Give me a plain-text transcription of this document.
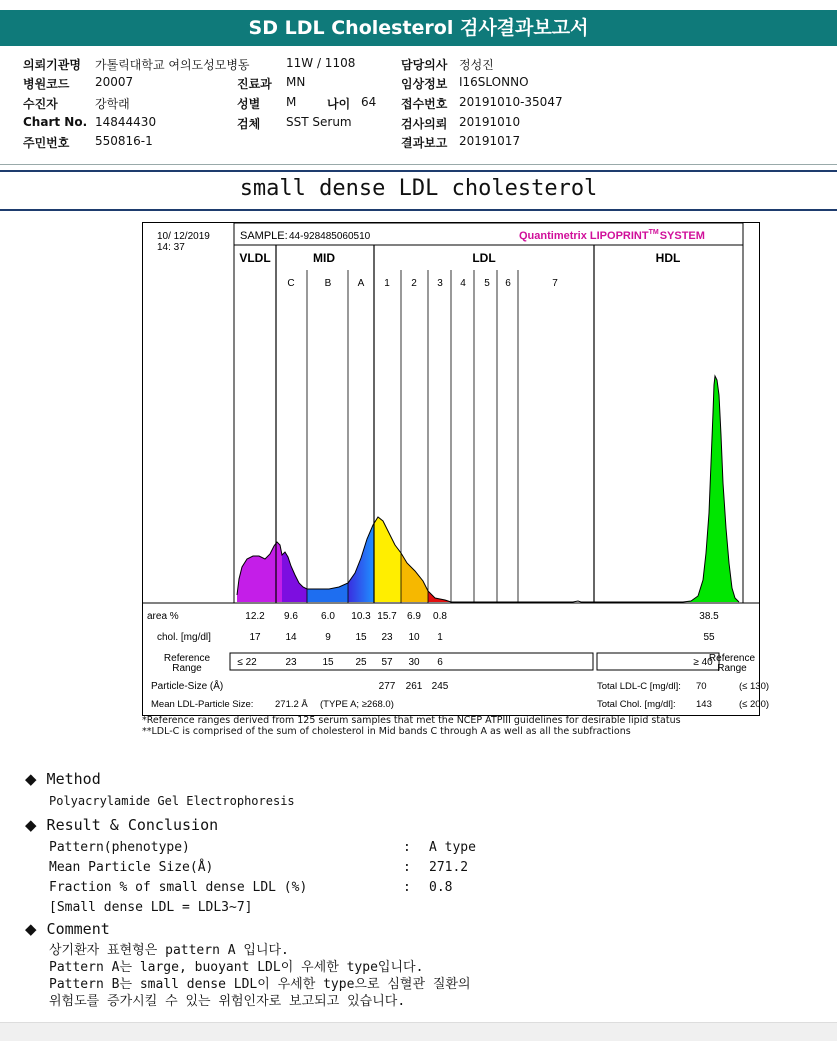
SD LDL Cholesterol 검사결과보고서
의뢰기관명 가톨릭대학교 여의도성모병동	11W / 1108	담당의사 정성진
병원코드 20007	진료과 MN	임상정보 I16SLONNO
수진자	강학래	성별 M	나이 64 접수번호 20191010-35047
Chart No. 14844430	검체 SST Serum	검사의뢰 20191010
주민번호 550816-1	결과보고 20191017
small dense LDL cholesterol
10/ 12/2019
14: 37
SAMPLE: 44-928485060510	Quantimetrix LIPOPRINT™SYSTEM
VLDL	MID	LDL	HDL
C	B	A 1 2 3 4 5 6	7
area %	12.2 9.6 6.0 10.3 15.7 6.9 0.8	38.5
chol. [mg/dl]	17 14	9 15 23 10 1	55
Reference
Range
≤ 22	23	15 25 57 30 6	≥ 40
Reference
Range
Particle-Size (Å)	277 261 245	Total LDL-C [mg/dl]: 70	(≤ 130)
Mean LDL-Particle Size: 271.2 Å (TYPE A; ≥268.0)	Total Chol. [mg/dl]: 143	(≤ 200)
*Reference ranges derived from 125 serum samples that met the NCEP ATPIII guidelines for desirable lipid status
**LDL-C is comprised of the sum of cholesterol in Mid bands C through A as well as all the subfractions
◆ Method
Polyacrylamide Gel Electrophoresis
◆ Result & Conclusion
Pattern(phenotype)	: A type
Mean Particle Size(Å)	: 271.2
Fraction % of small dense LDL (%)	: 0.8
[Small dense LDL = LDL3~7]
◆ Comment
상기환자 표현형은 pattern A 입니다.
Pattern A는 large, buoyant LDL이 우세한 type입니다.
Pattern B는 small dense LDL이 우세한 type으로 심혈관 질환의
위험도를 증가시킬 수 있는 위험인자로 보고되고 있습니다.
